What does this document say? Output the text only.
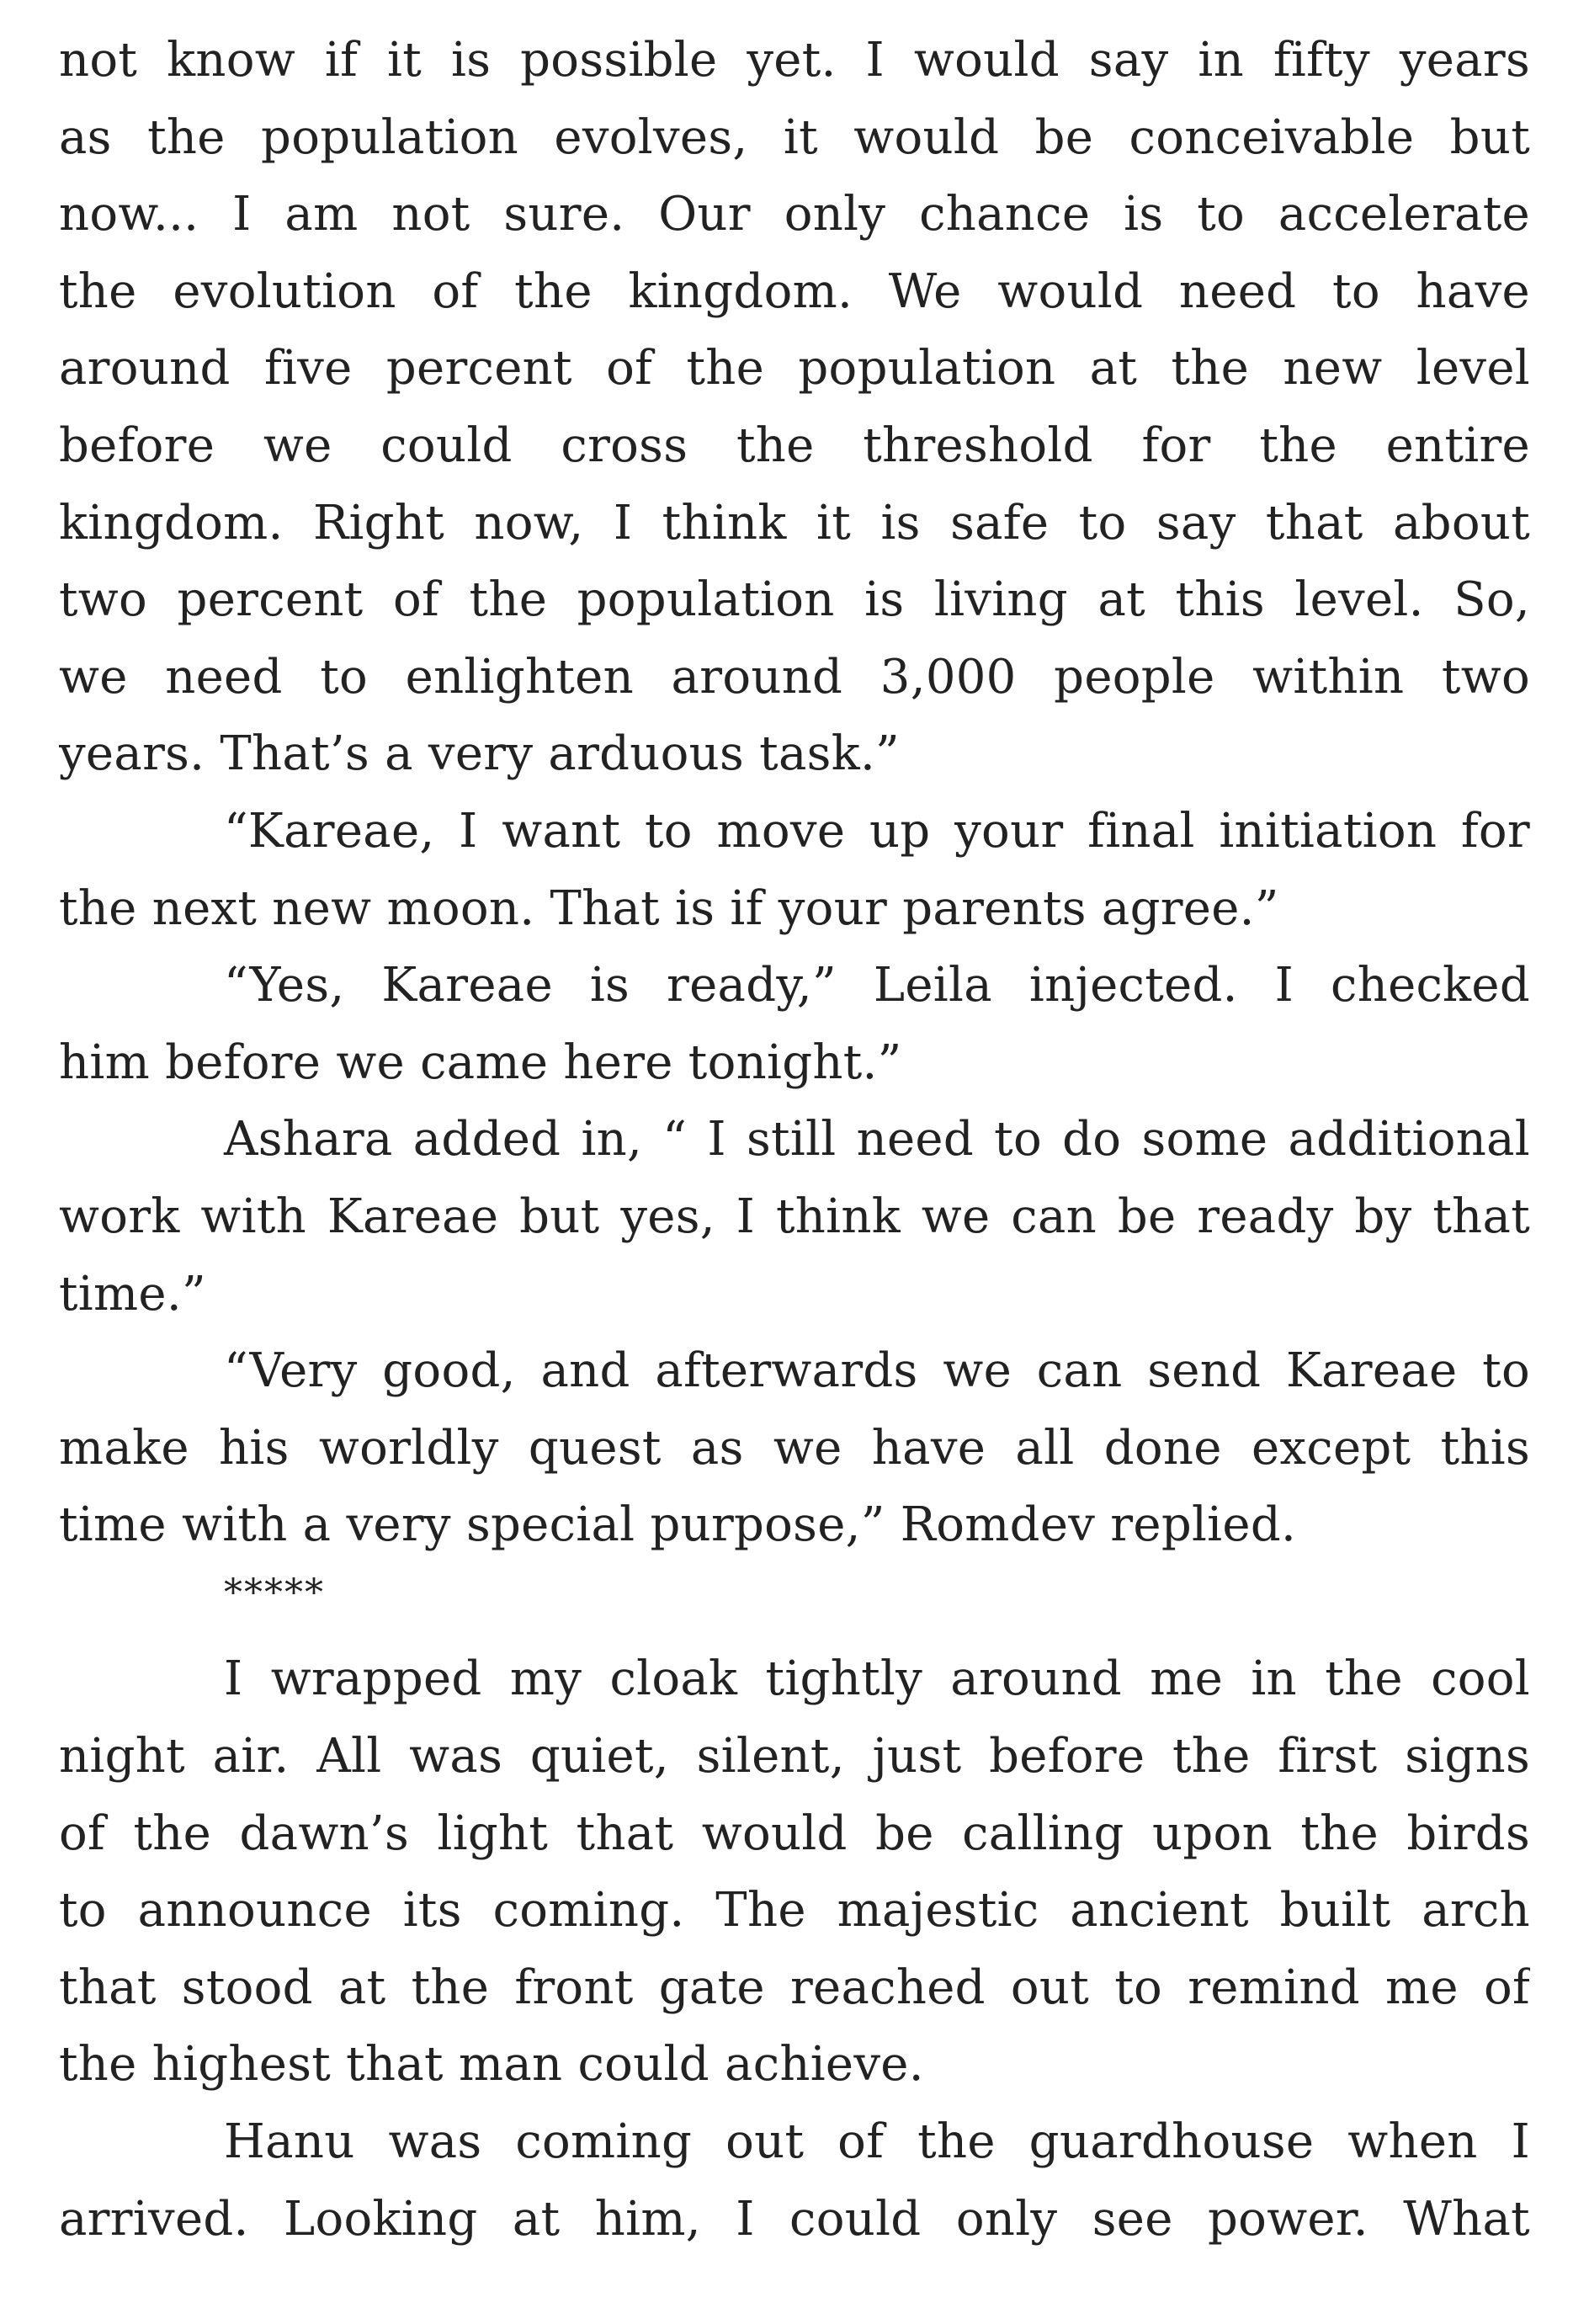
not know if it is possible yet. I would say in fifty years
as the population evolves, it would be conceivable but
now... I am not sure. Our only chance is to accelerate
the evolution of the kingdom. We would need to have
around five percent of the population at the new level
before we could cross the threshold for the entire
kingdom. Right now, I think it is safe to say that about
two percent of the population is living at this level. So,
we need to enlighten around 3,000 people within two
years. That’s a very arduous task.”
“Kareae, I want to move up your final initiation for
the next new moon. That is if your parents agree.”
“Yes, Kareae is ready,” Leila injected. I checked
him before we came here tonight.”
Ashara added in, “ I still need to do some additional
work with Kareae but yes, I think we can be ready by that
time.”
“Very good, and afterwards we can send Kareae to
make his worldly quest as we have all done except this
time with a very special purpose,” Romdev replied.
*****
I wrapped my cloak tightly around me in the cool
night air. All was quiet, silent, just before the first signs
of the dawn’s light that would be calling upon the birds
to announce its coming. The majestic ancient built arch
that stood at the front gate reached out to remind me of
the highest that man could achieve.
Hanu was coming out of the guardhouse when I
arrived. Looking at him, I could only see power. What
